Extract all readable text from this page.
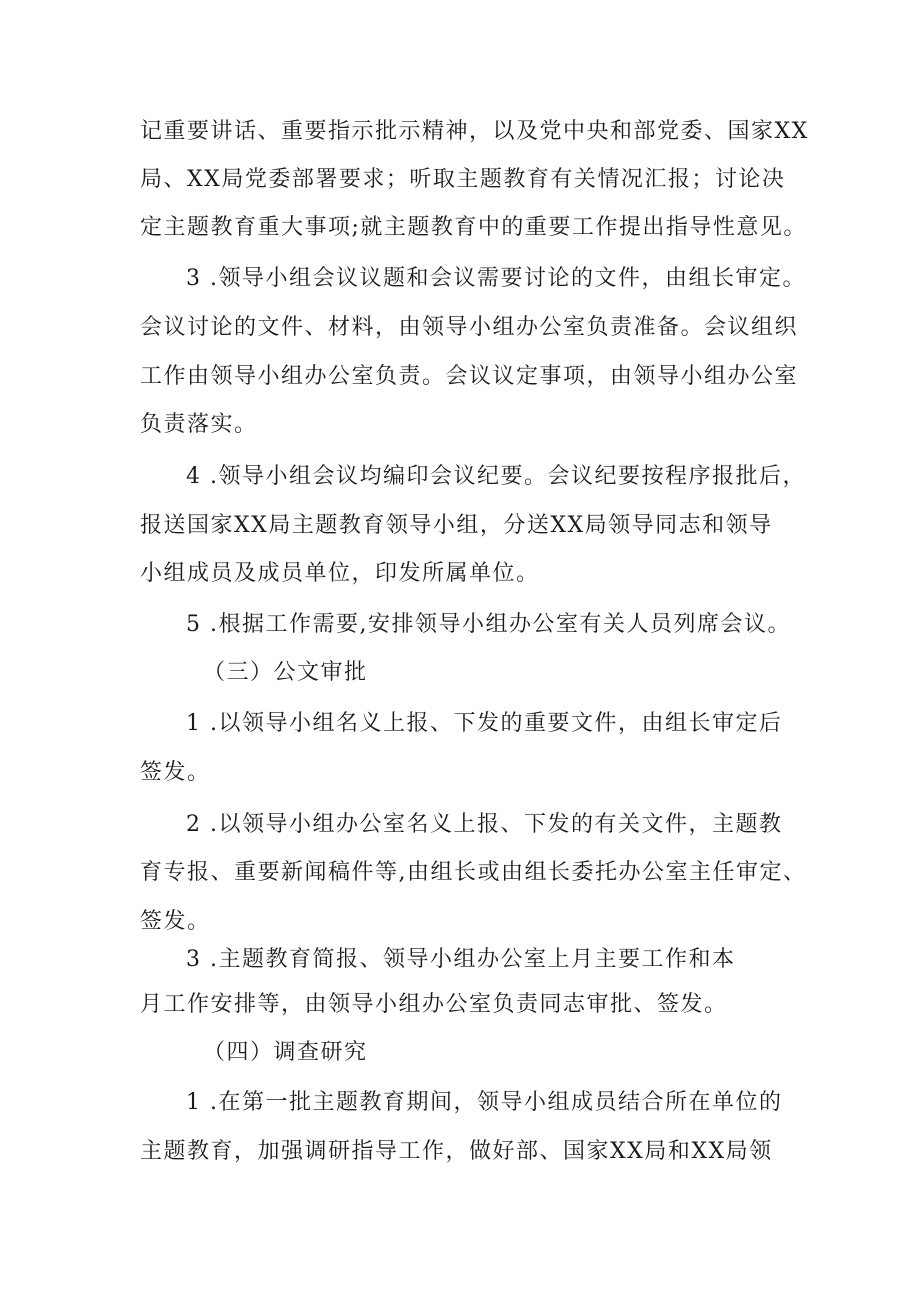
记重要讲话、重要指示批示精神，以及党中央和部党委、国家XX
局、XX局党委部署要求；听取主题教育有关情况汇报；讨论决
定主题教育重大事项;就主题教育中的重要工作提出指导性意见。
3 .领导小组会议议题和会议需要讨论的文件，由组长审定。
会议讨论的文件、材料，由领导小组办公室负责准备。会议组织
工作由领导小组办公室负责。会议议定事项，由领导小组办公室
负责落实。
4 .领导小组会议均编印会议纪要。会议纪要按程序报批后，
报送国家XX局主题教育领导小组，分送XX局领导同志和领导
小组成员及成员单位，印发所属单位。
5 .根据工作需要,安排领导小组办公室有关人员列席会议。
（三）公文审批
1 .以领导小组名义上报、下发的重要文件，由组长审定后
签发。
2 .以领导小组办公室名义上报、下发的有关文件，主题教
育专报、重要新闻稿件等,由组长或由组长委托办公室主任审定、
签发。
3 .主题教育简报、领导小组办公室上月主要工作和本
月工作安排等，由领导小组办公室负责同志审批、签发。
（四）调查研究
1 .在第一批主题教育期间，领导小组成员结合所在单位的
主题教育，加强调研指导工作，做好部、国家XX局和XX局领
